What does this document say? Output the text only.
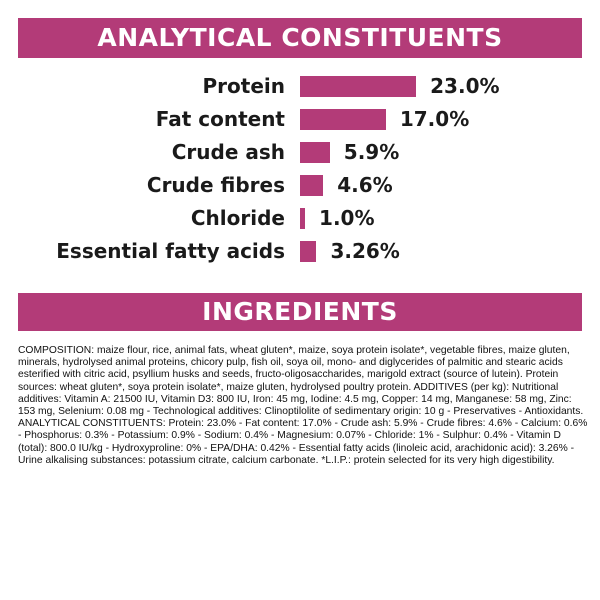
ANALYTICAL CONSTITUENTS
Protein	23.0%
Fat content	17.0%
Crude ash	5.9%
Crude fibres	4.6%
Chloride 1.0%
Essential fatty acids 3.26%
INGREDIENTS
COMPOSITION: maize flour, rice, animal fats, wheat gluten*, maize, soya protein isolate*, vegetable fibres, maize gluten, minerals, hydrolysed animal proteins, chicory pulp, fish oil, soya oil, mono- and diglycerides of palmitic and stearic acids esterified with citric acid, psyllium husks and seeds, fructo-oligosaccharides, marigold extract (source of lutein). Protein sources: wheat gluten*, soya protein isolate*, maize gluten, hydrolysed poultry protein. ADDITIVES (per kg): Nutritional additives: Vitamin A: 21500 IU, Vitamin D3: 800 IU, Iron: 45 mg, Iodine: 4.5 mg, Copper: 14 mg, Manganese: 58 mg, Zinc: 153 mg, Selenium: 0.08 mg - Technological additives: Clinoptilolite of sedimentary origin: 10 g - Preservatives - Antioxidants. ANALYTICAL CONSTITUENTS: Protein: 23.0% - Fat content: 17.0% - Crude ash: 5.9% - Crude fibres: 4.6% - Calcium: 0.6% - Phosphorus: 0.3% - Potassium: 0.9% - Sodium: 0.4% - Magnesium: 0.07% - Chloride: 1% - Sulphur: 0.4% - Vitamin D (total): 800.0 IU/kg - Hydroxyproline: 0% - EPA/DHA: 0.42% - Essential fatty acids (linoleic acid, arachidonic acid): 3.26% - Urine alkalising substances: potassium citrate, calcium carbonate. *L.I.P.: protein selected for its very high digestibility.
